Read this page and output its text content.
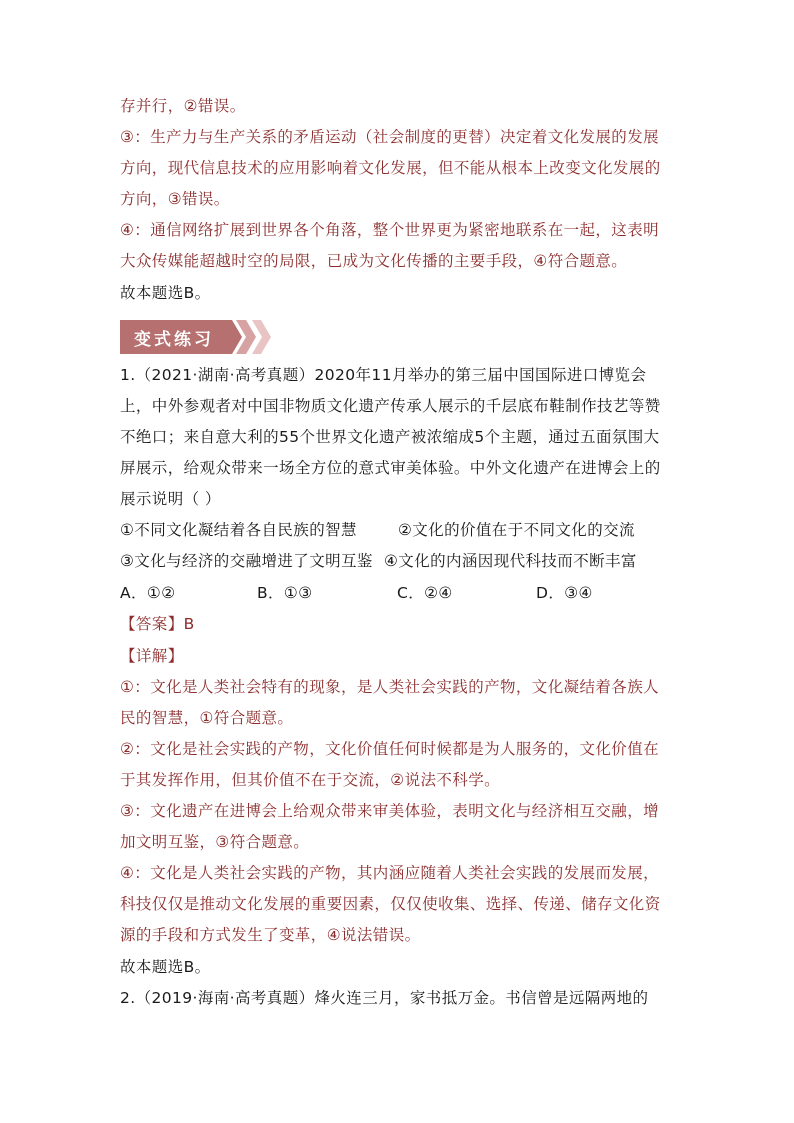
存并行，②错误。
③：生产力与生产关系的矛盾运动（社会制度的更替）决定着文化发展的发展
方向，现代信息技术的应用影响着文化发展，但不能从根本上改变文化发展的
方向，③错误。
④：通信网络扩展到世界各个角落，整个世界更为紧密地联系在一起，这表明
大众传媒能超越时空的局限，已成为文化传播的主要手段，④符合题意。
故本题选B。
变式练习
1.（2021·湖南·高考真题）2020年11月举办的第三届中国国际进口博览会
上，中外参观者对中国非物质文化遗产传承人展示的千层底布鞋制作技艺等赞
不绝口；来自意大利的55个世界文化遗产被浓缩成5个主题，通过五面氛围大
屏展示，给观众带来一场全方位的意式审美体验。中外文化遗产在进博会上的
展示说明（ ）
①不同文化凝结着各自民族的智慧	②文化的价值在于不同文化的交流
③文化与经济的交融增进了文明互鉴 ④文化的内涵因现代科技而不断丰富
A．①②	B．①③	C．②④	D．③④
【答案】B
【详解】
①：文化是人类社会特有的现象，是人类社会实践的产物，文化凝结着各族人
民的智慧，①符合题意。
②：文化是社会实践的产物，文化价值任何时候都是为人服务的，文化价值在
于其发挥作用，但其价值不在于交流，②说法不科学。
③：文化遗产在进博会上给观众带来审美体验，表明文化与经济相互交融，增
加文明互鉴，③符合题意。
④：文化是人类社会实践的产物，其内涵应随着人类社会实践的发展而发展，
科技仅仅是推动文化发展的重要因素，仅仅使收集、选择、传递、储存文化资
源的手段和方式发生了变革，④说法错误。
故本题选B。
2.（2019·海南·高考真题）烽火连三月，家书抵万金。书信曾是远隔两地的
